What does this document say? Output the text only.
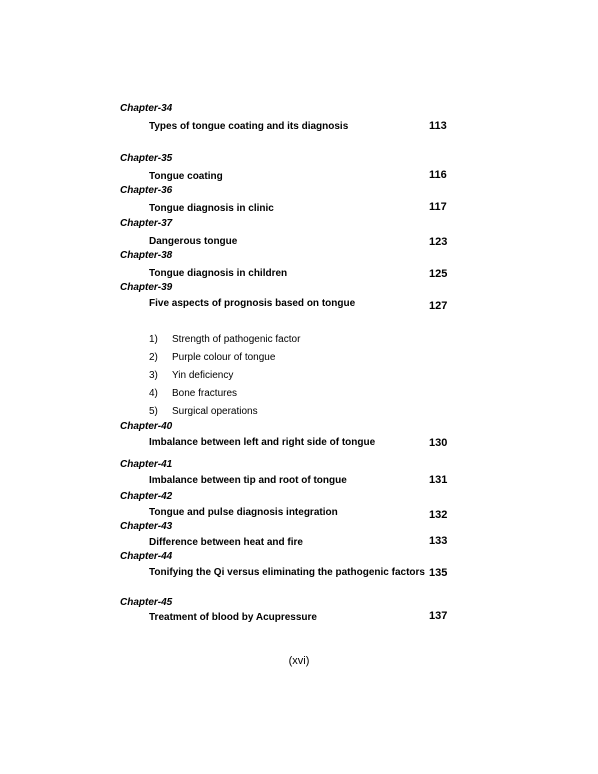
Chapter-34
Types of tongue coating and its diagnosis	113
Chapter-35
Tongue coating	116
Chapter-36
Tongue diagnosis in clinic	117
Chapter-37
Dangerous tongue	123
Chapter-38
Tongue diagnosis in children	125
Chapter-39
Five aspects of prognosis based on tongue	127
1) Strength of pathogenic factor
2) Purple colour of tongue
3) Yin deficiency
4) Bone fractures
5) Surgical operations
Chapter-40
Imbalance between left and right side of tongue	130
Chapter-41
Imbalance between tip and root of tongue	131
Chapter-42
Tongue and pulse diagnosis integration	132
Chapter-43
Difference between heat and fire	133
Chapter-44
Tonifying the Qi versus eliminating the pathogenic factors 135
Chapter-45
Treatment of blood by Acupressure	137
(xvi)
